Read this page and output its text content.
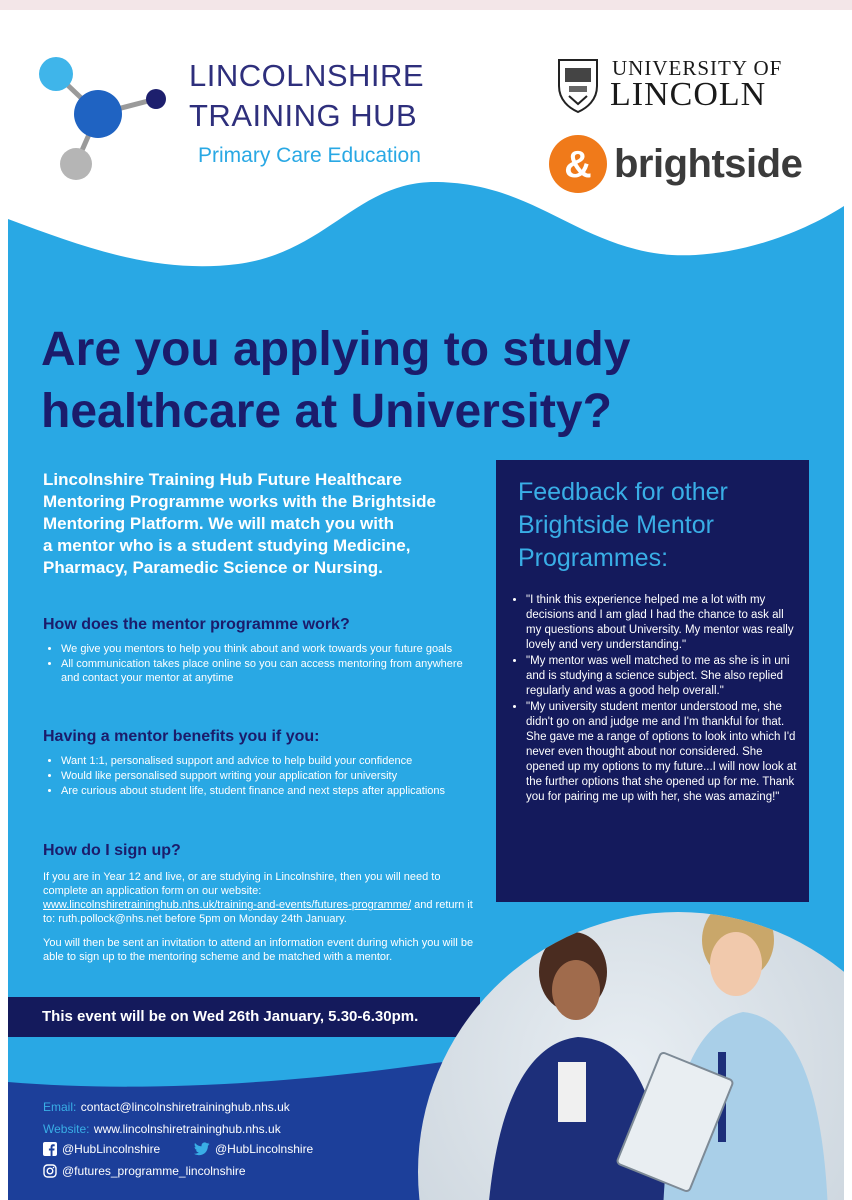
LINCOLNSHIRE
TRAINING HUB
Primary Care Education
UNIVERSITY OF
LINCOLN
& brightside
Are you applying to study
healthcare at University?
Lincolnshire Training Hub Future Healthcare
Mentoring Programme works with the Brightside
Mentoring Platform. We will match you with
a mentor who is a student studying Medicine,
Pharmacy, Paramedic Science or Nursing.
How does the mentor programme work?
• We give you mentors to help you think about and work towards your future goals
• All communication takes place online so you can access mentoring from anywhere and contact your mentor at anytime
Having a mentor benefits you if you:
• Want 1:1, personalised support and advice to help build your confidence
• Would like personalised support writing your application for university
• Are curious about student life, student finance and next steps after applications
How do I sign up?

If you are in Year 12 and live, or are studying in Lincolnshire, then you will need to complete an application form on our website: www.lincolnshiretraininghub.nhs.uk/training-and-events/futures-programme/ and return it to: ruth.pollock@nhs.net before 5pm on Monday 24th January.

You will then be sent an invitation to attend an information event during which you will be able to sign up to the mentoring scheme and be matched with a mentor.

Feedback for other
Brightside Mentor
Programmes:
• "I think this experience helped me a lot with my decisions and I am glad I had the chance to ask all my questions about University. My mentor was really lovely and very understanding."
• "My mentor was well matched to me as she is in uni and is studying a science subject. She also replied regularly and was a good help overall."
• "My university student mentor understood me, she didn't go on and judge me and I'm thankful for that. She gave me a range of options to look into which I'd never even thought about nor considered. She opened up my options to my future...I will now look at the further options that she opened up for me. Thank you for pairing me up with her, she was amazing!"
This event will be on Wed 26th January, 5.30-6.30pm.
Email: contact@lincolnshiretraininghub.nhs.uk
Website: www.lincolnshiretraininghub.nhs.uk
@HubLincolnshire	@HubLincolnshire
@futures_programme_lincolnshire
